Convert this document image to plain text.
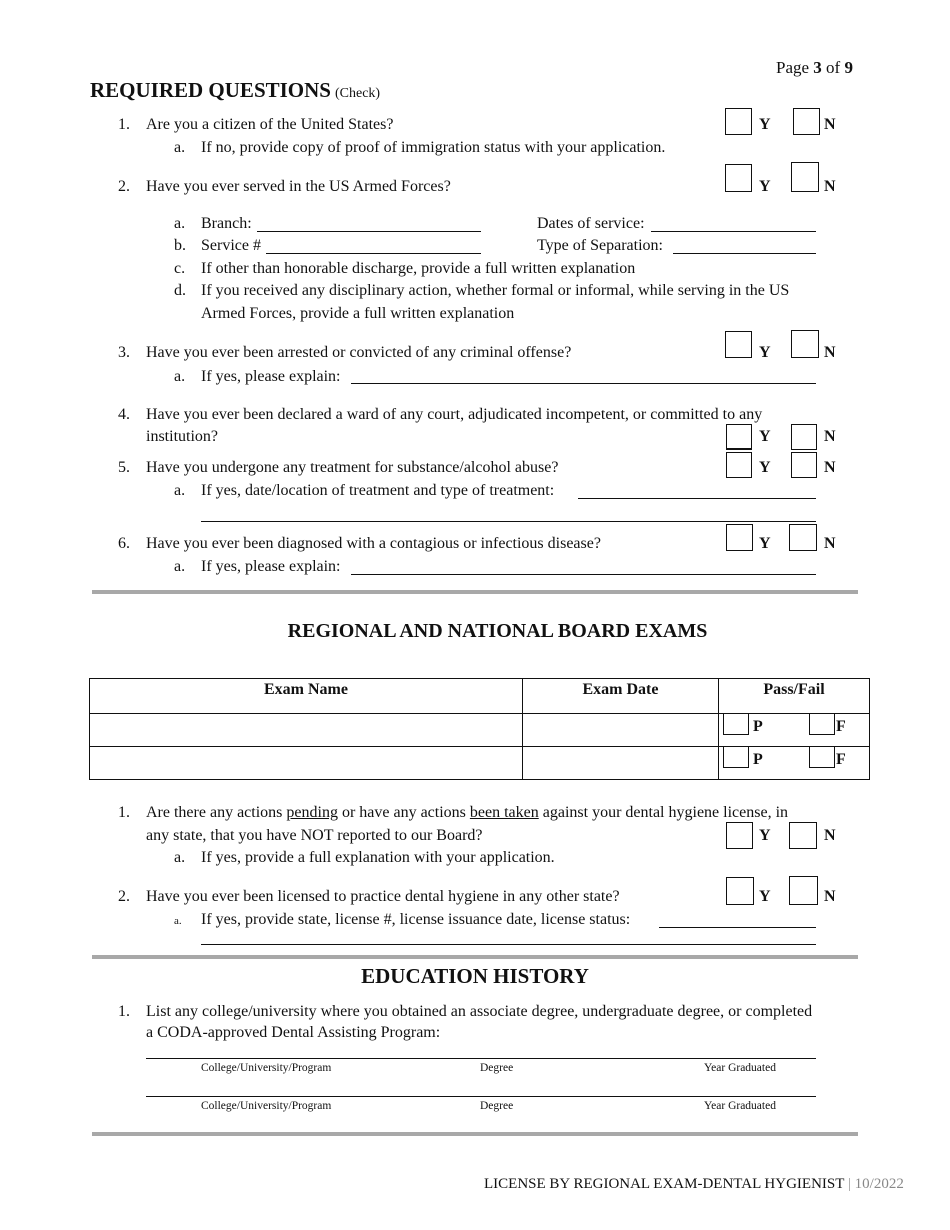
Page 3 of 9
REQUIRED QUESTIONS (Check)
1. Are you a citizen of the United States?
a. If no, provide copy of proof of immigration status with your application.
Y	N
2. Have you ever served in the US Armed Forces?	Y	N
a. Branch:	Dates of service:
b. Service #	Type of Separation:
c. If other than honorable discharge, provide a full written explanation
d. If you received any disciplinary action, whether formal or informal, while serving in the US
Armed Forces, provide a full written explanation
3. Have you ever been arrested or convicted of any criminal offense?	Y	N
a. If yes, please explain:
4. Have you ever been declared a ward of any court, adjudicated incompetent, or committed to any
institution?	Y	N
5. Have you undergone any treatment for substance/alcohol abuse?	Y	N
a. If yes, date/location of treatment and type of treatment:
6. Have you ever been diagnosed with a contagious or infectious disease?	Y	N
a. If yes, please explain:
REGIONAL AND NATIONAL BOARD EXAMS
Exam Name	Exam Date	Pass/Fail

		P F

		P F
1. Are there any actions pending or have any actions been taken against your dental hygiene license, in
any state, that you have NOT reported to our Board?	Y	N
a. If yes, provide a full explanation with your application.
2. Have you ever been licensed to practice dental hygiene in any other state?	Y	N
a. If yes, provide state, license #, license issuance date, license status:
EDUCATION HISTORY
1. List any college/university where you obtained an associate degree, undergraduate degree, or completed
a CODA-approved Dental Assisting Program:
College/University/Program	Degree	Year Graduated
College/University/Program	Degree	Year Graduated
LICENSE BY REGIONAL EXAM-DENTAL HYGIENIST | 10/2022
